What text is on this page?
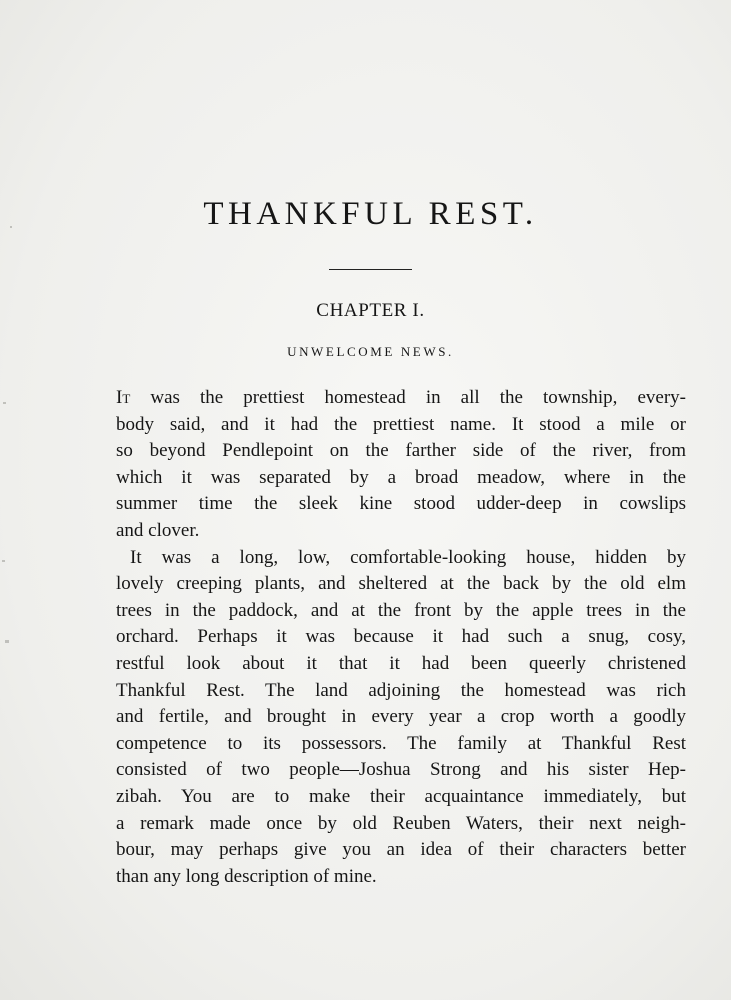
THANKFUL REST.
CHAPTER I.
UNWELCOME NEWS.
It was the prettiest homestead in all the township, every-
body said, and it had the prettiest name. It stood a mile or
so beyond Pendlepoint on the farther side of the river, from
which it was separated by a broad meadow, where in the
summer time the sleek kine stood udder-deep in cowslips
and clover.
It was a long, low, comfortable-looking house, hidden by
lovely creeping plants, and sheltered at the back by the old elm
trees in the paddock, and at the front by the apple trees in the
orchard. Perhaps it was because it had such a snug, cosy,
restful look about it that it had been queerly christened
Thankful Rest. The land adjoining the homestead was rich
and fertile, and brought in every year a crop worth a goodly
competence to its possessors. The family at Thankful Rest
consisted of two people—Joshua Strong and his sister Hep-
zibah. You are to make their acquaintance immediately, but
a remark made once by old Reuben Waters, their next neigh-
bour, may perhaps give you an idea of their characters better
than any long description of mine.
